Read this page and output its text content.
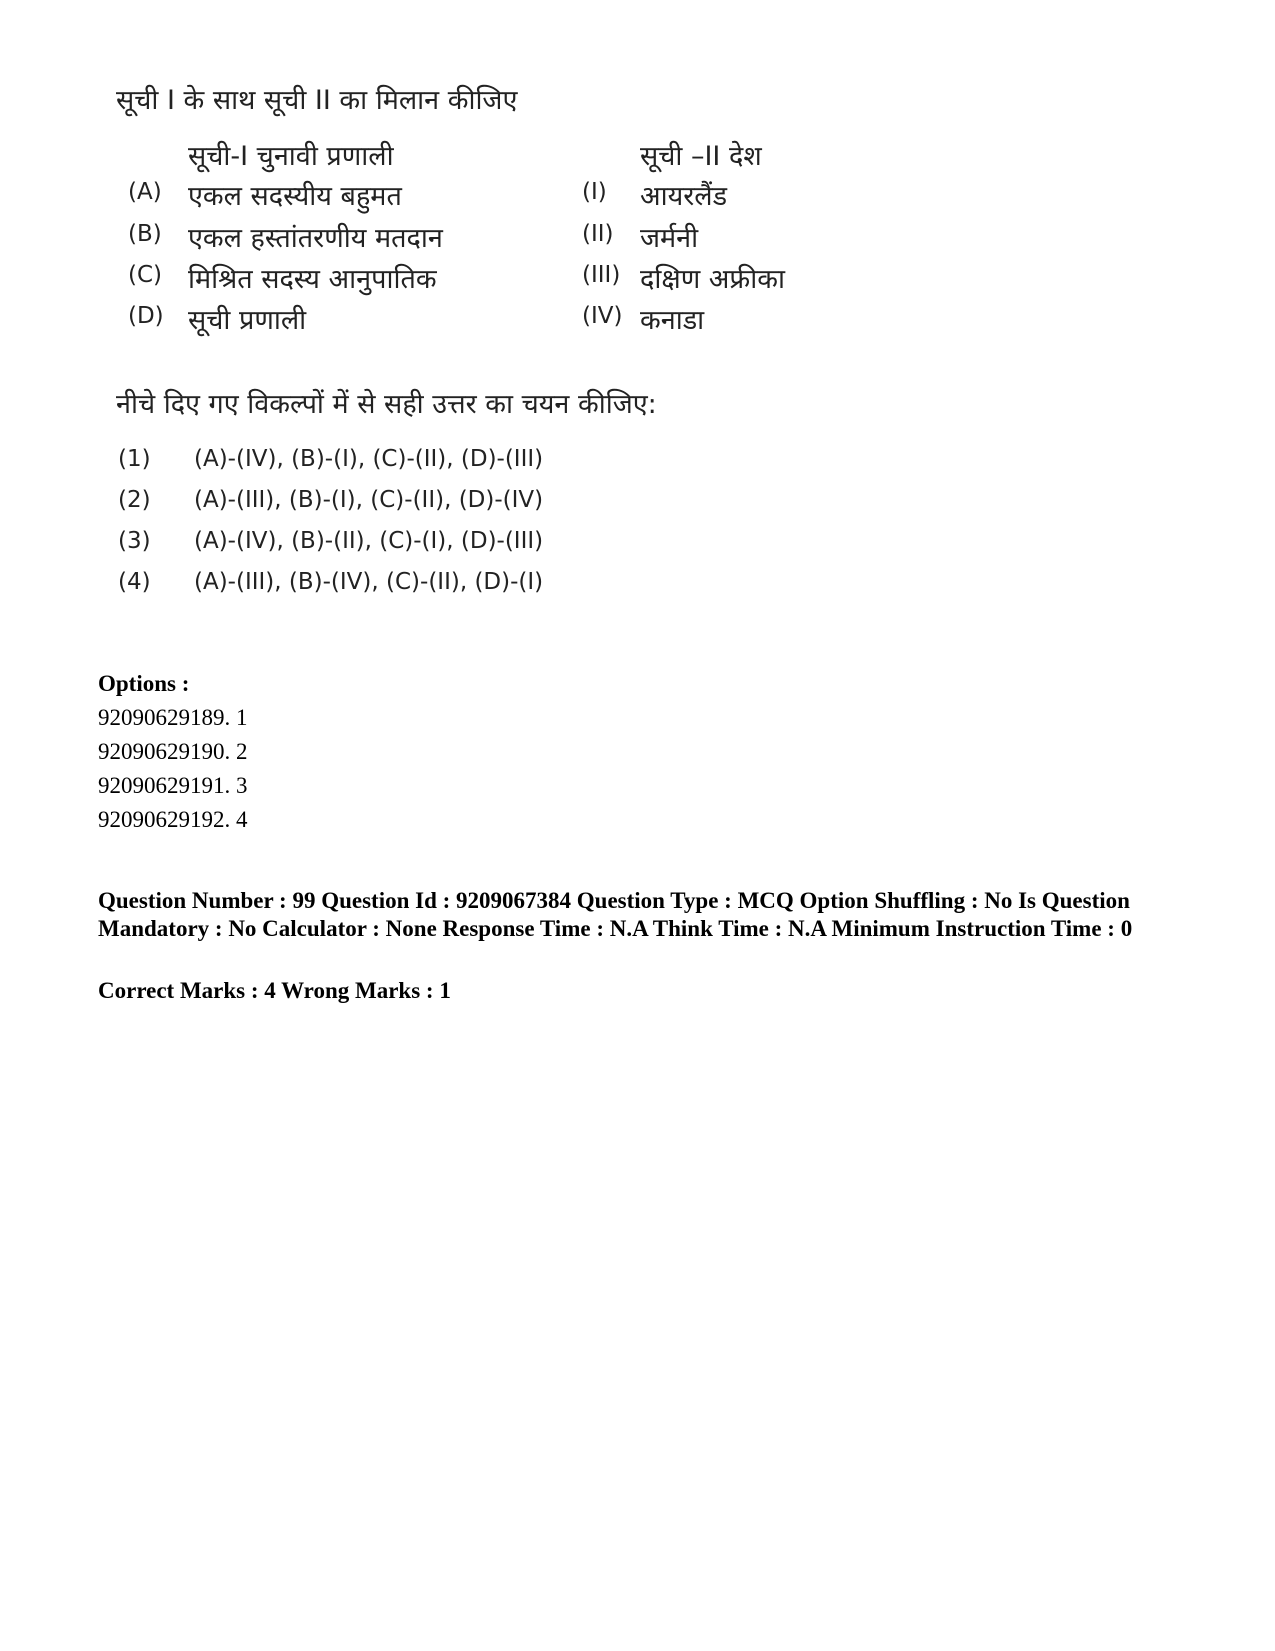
सूची I के साथ सूची II का मिलान कीजिए
सूची-I चुनावी प्रणाली	सूची –II देश
(A) एकल सदस्यीय बहुमत	(I) आयरलैंड
(B) एकल हस्तांतरणीय मतदान	(II) जर्मनी
(C) मिश्रित सदस्य आनुपातिक	(III) दक्षिण अफ्रीका
(D) सूची प्रणाली	(IV) कनाडा
नीचे दिए गए विकल्पों में से सही उत्तर का चयन कीजिए:
(1) (A)-(IV), (B)-(I), (C)-(II), (D)-(III)
(2) (A)-(III), (B)-(I), (C)-(II), (D)-(IV)
(3) (A)-(IV), (B)-(II), (C)-(I), (D)-(III)
(4) (A)-(III), (B)-(IV), (C)-(II), (D)-(I)
Options :
92090629189. 1
92090629190. 2
92090629191. 3
92090629192. 4
Question Number : 99 Question Id : 9209067384 Question Type : MCQ Option Shuffling : No Is Question Mandatory : No Calculator : None Response Time : N.A Think Time : N.A Minimum Instruction Time : 0
Correct Marks : 4 Wrong Marks : 1
